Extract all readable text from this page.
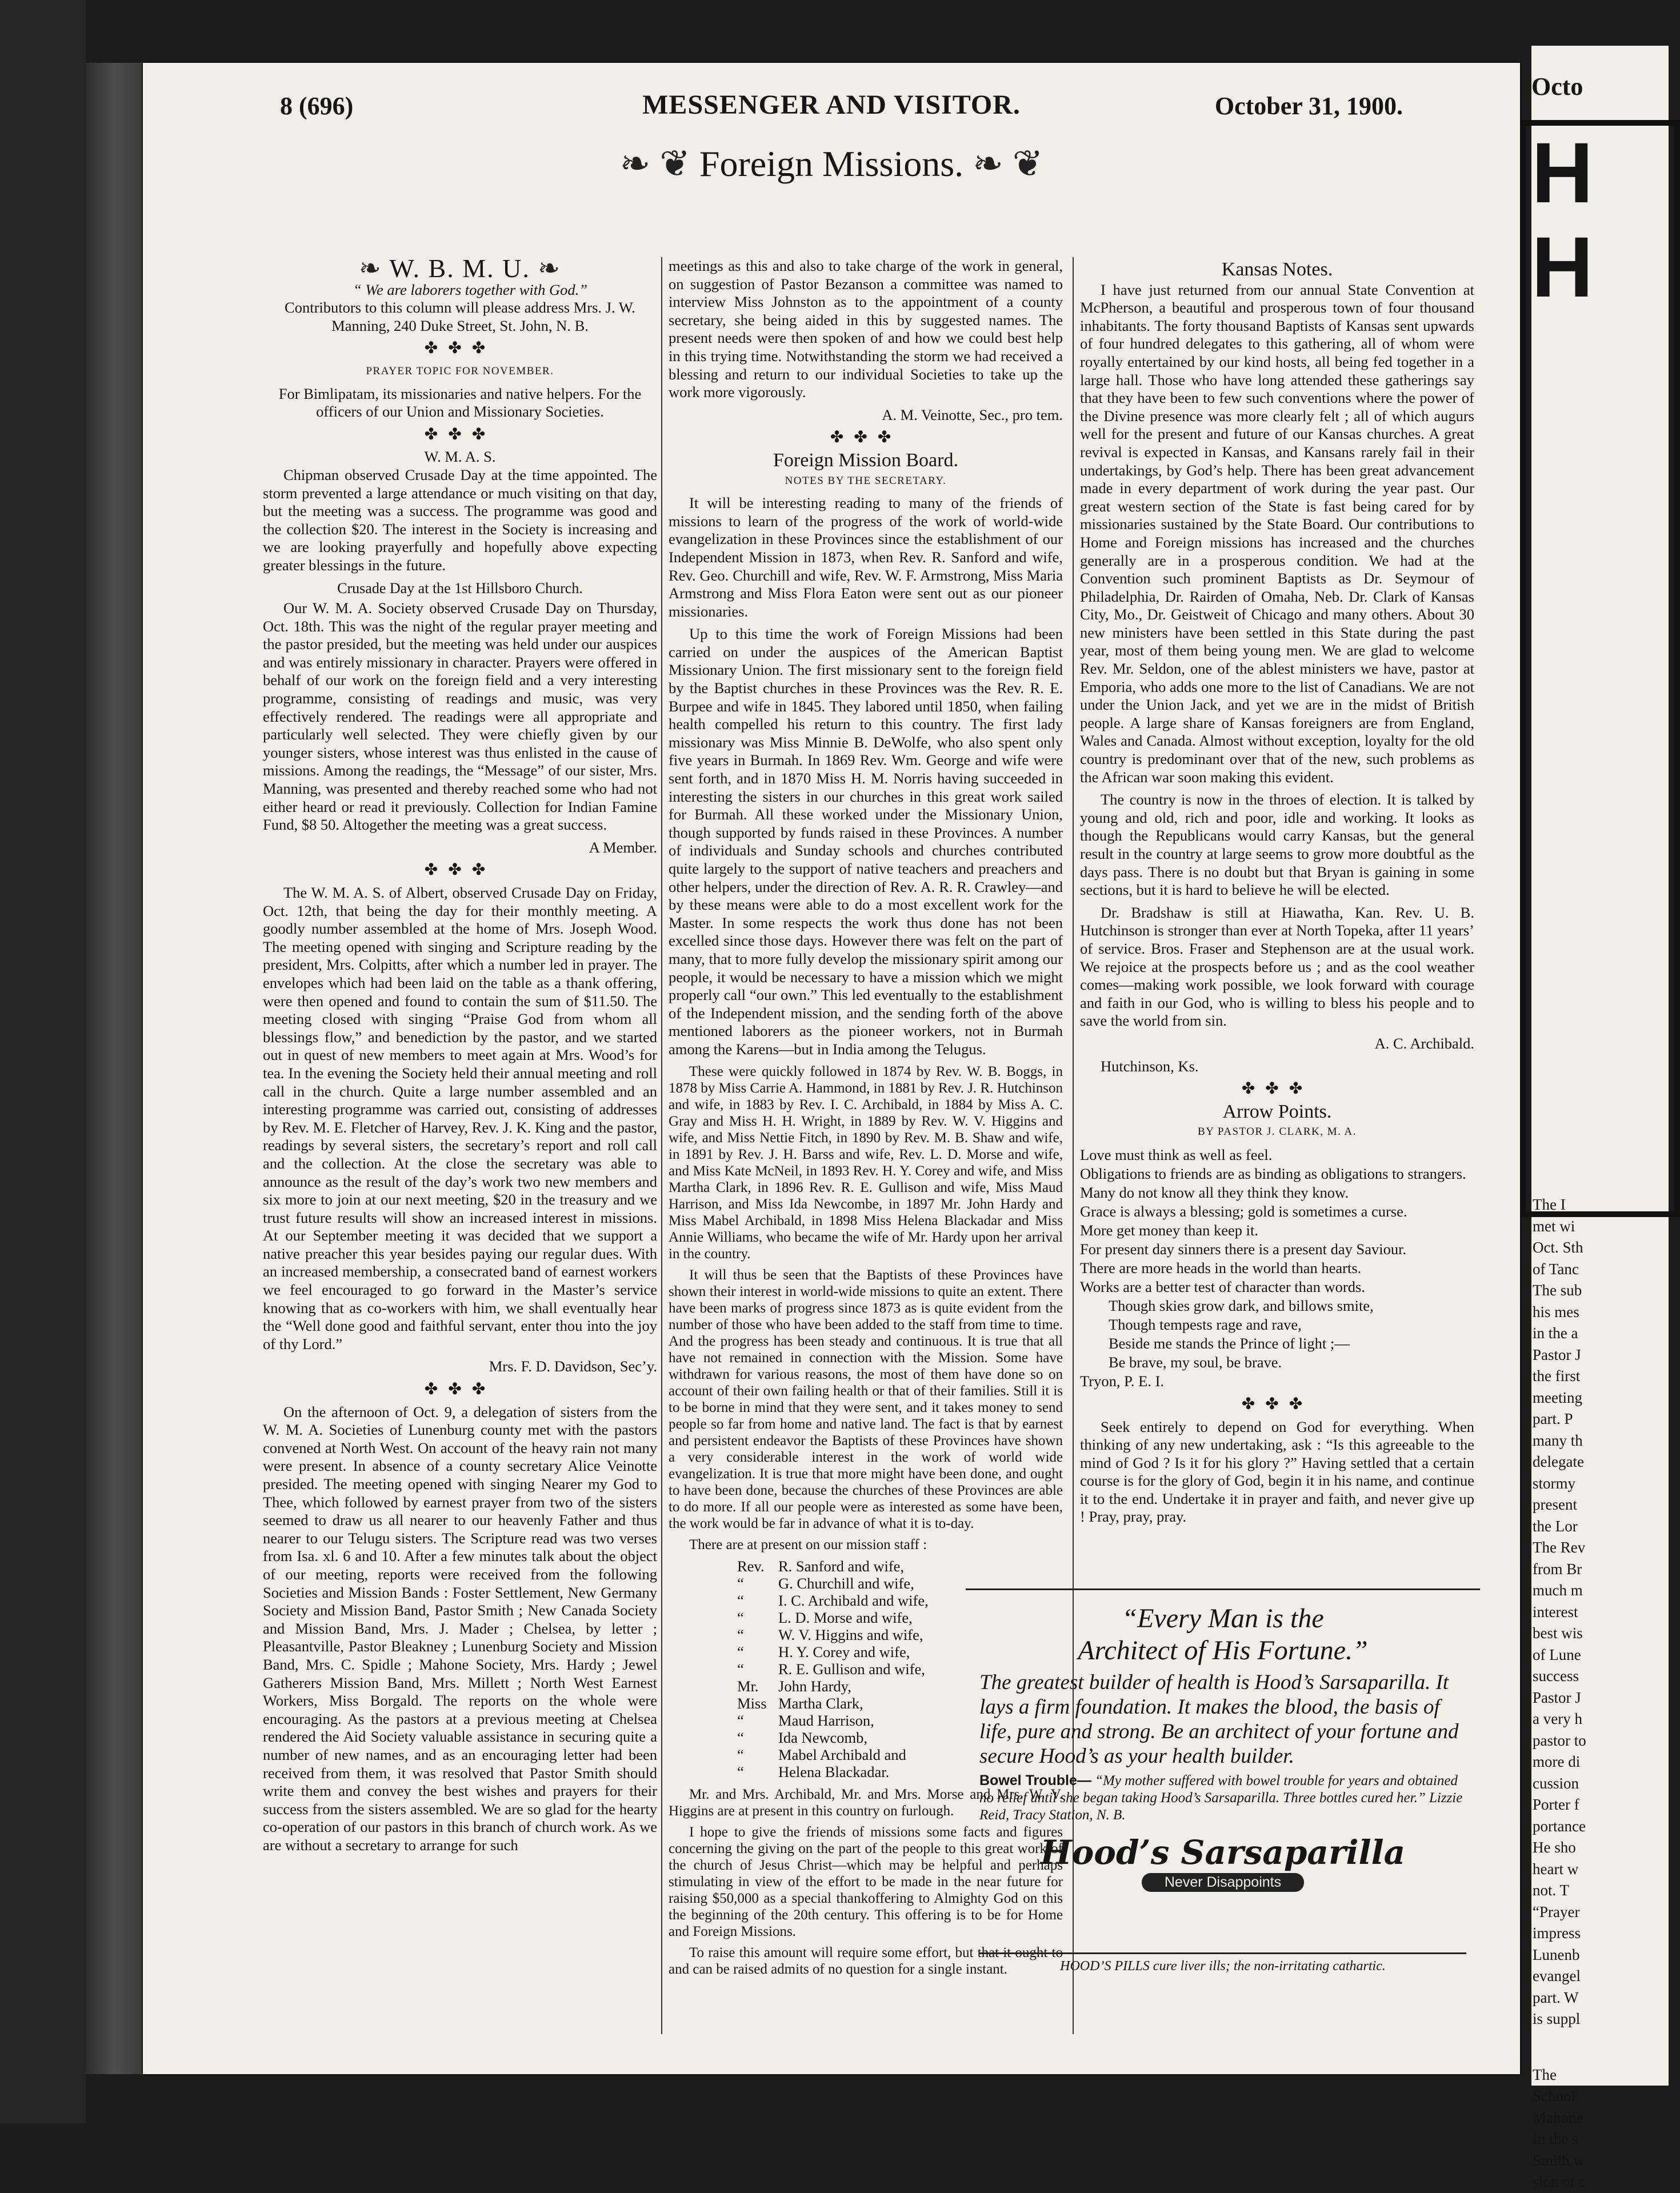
8 (696)	MESSENGER AND VISITOR.	October 31, 1900.
❧ ❦ Foreign Missions. ❧ ❦
❧ W. B. M. U. ❧

“ We are laborers together with God.”

Contributors to this column will please address Mrs. J. W. Manning, 240 Duke Street, St. John, N. B.

✤✤✤
PRAYER TOPIC FOR NOVEMBER.

For Bimlipatam, its missionaries and native helpers. For the officers of our Union and Missionary Societies.

✤✤✤
W. M. A. S.

Chipman observed Crusade Day at the time appointed. The storm prevented a large attendance or much visiting on that day, but the meeting was a success. The programme was good and the collection $20. The interest in the Society is increasing and we are looking prayerfully and hopefully above expecting greater blessings in the future.

Crusade Day at the 1st Hillsboro Church.

Our W. M. A. Society observed Crusade Day on Thursday, Oct. 18th. This was the night of the regular prayer meeting and the pastor presided, but the meeting was held under our auspices and was entirely missionary in character. Prayers were offered in behalf of our work on the foreign field and a very interesting programme, consisting of readings and music, was very effectively rendered. The readings were all appropriate and particularly well selected. They were chiefly given by our younger sisters, whose interest was thus enlisted in the cause of missions. Among the readings, the “Message” of our sister, Mrs. Manning, was presented and thereby reached some who had not either heard or read it previously. Collection for Indian Famine Fund, $8 50. Altogether the meeting was a great success.

A Member.
✤✤✤

The W. M. A. S. of Albert, observed Crusade Day on Friday, Oct. 12th, that being the day for their monthly meeting. A goodly number assembled at the home of Mrs. Joseph Wood. The meeting opened with singing and Scripture reading by the president, Mrs. Colpitts, after which a number led in prayer. The envelopes which had been laid on the table as a thank offering, were then opened and found to contain the sum of $11.50. The meeting closed with singing “Praise God from whom all blessings flow,” and benediction by the pastor, and we started out in quest of new members to meet again at Mrs. Wood’s for tea. In the evening the Society held their annual meeting and roll call in the church. Quite a large number assembled and an interesting programme was carried out, consisting of addresses by Rev. M. E. Fletcher of Harvey, Rev. J. K. King and the pastor, readings by several sisters, the secretary’s report and roll call and the collection. At the close the secretary was able to announce as the result of the day’s work two new members and six more to join at our next meeting, $20 in the treasury and we trust future results will show an increased interest in missions. At our September meeting it was decided that we support a native preacher this year besides paying our regular dues. With an increased membership, a consecrated band of earnest workers we feel encouraged to go forward in the Master’s service knowing that as co-workers with him, we shall eventually hear the “Well done good and faithful servant, enter thou into the joy of thy Lord.”

Mrs. F. D. Davidson, Sec’y.
✤✤✤

On the afternoon of Oct. 9, a delegation of sisters from the W. M. A. Societies of Lunenburg county met with the pastors convened at North West. On account of the heavy rain not many were present. In absence of a county secretary Alice Veinotte presided. The meeting opened with singing Nearer my God to Thee, which followed by earnest prayer from two of the sisters seemed to draw us all nearer to our heavenly Father and thus nearer to our Telugu sisters. The Scripture read was two verses from Isa. xl. 6 and 10. After a few minutes talk about the object of our meeting, reports were received from the following Societies and Mission Bands : Foster Settlement, New Germany Society and Mission Band, Pastor Smith ; New Canada Society and Mission Band, Mrs. J. Mader ; Chelsea, by letter ; Pleasantville, Pastor Bleakney ; Lunenburg Society and Mission Band, Mrs. C. Spidle ; Mahone Society, Mrs. Hardy ; Jewel Gatherers Mission Band, Mrs. Millett ; North West Earnest Workers, Miss Borgald. The reports on the whole were encouraging. As the pastors at a previous meeting at Chelsea rendered the Aid Society valuable assistance in securing quite a number of new names, and as an encouraging letter had been received from them, it was resolved that Pastor Smith should write them and convey the best wishes and prayers for their success from the sisters assembled. We are so glad for the hearty co-operation of our pastors in this branch of church work. As we are without a secretary to arrange for such

meetings as this and also to take charge of the work in general, on suggestion of Pastor Bezanson a committee was named to interview Miss Johnston as to the appointment of a county secretary, she being aided in this by suggested names. The present needs were then spoken of and how we could best help in this trying time. Notwithstanding the storm we had received a blessing and return to our individual Societies to take up the work more vigorously.

A. M. Veinotte, Sec., pro tem.
✤✤✤
Foreign Mission Board.
NOTES BY THE SECRETARY.

It will be interesting reading to many of the friends of missions to learn of the progress of the work of world-wide evangelization in these Provinces since the establishment of our Independent Mission in 1873, when Rev. R. Sanford and wife, Rev. Geo. Churchill and wife, Rev. W. F. Armstrong, Miss Maria Armstrong and Miss Flora Eaton were sent out as our pioneer missionaries.

Up to this time the work of Foreign Missions had been carried on under the auspices of the American Baptist Missionary Union. The first missionary sent to the foreign field by the Baptist churches in these Provinces was the Rev. R. E. Burpee and wife in 1845. They labored until 1850, when failing health compelled his return to this country. The first lady missionary was Miss Minnie B. DeWolfe, who also spent only five years in Burmah. In 1869 Rev. Wm. George and wife were sent forth, and in 1870 Miss H. M. Norris having succeeded in interesting the sisters in our churches in this great work sailed for Burmah. All these worked under the Missionary Union, though supported by funds raised in these Provinces. A number of individuals and Sunday schools and churches contributed quite largely to the support of native teachers and preachers and other helpers, under the direction of Rev. A. R. R. Crawley—and by these means were able to do a most excellent work for the Master. In some respects the work thus done has not been excelled since those days. However there was felt on the part of many, that to more fully develop the missionary spirit among our people, it would be necessary to have a mission which we might properly call “our own.” This led eventually to the establishment of the Independent mission, and the sending forth of the above mentioned laborers as the pioneer workers, not in Burmah among the Karens—but in India among the Telugus.

These were quickly followed in 1874 by Rev. W. B. Boggs, in 1878 by Miss Carrie A. Hammond, in 1881 by Rev. J. R. Hutchinson and wife, in 1883 by Rev. I. C. Archibald, in 1884 by Miss A. C. Gray and Miss H. H. Wright, in 1889 by Rev. W. V. Higgins and wife, and Miss Nettie Fitch, in 1890 by Rev. M. B. Shaw and wife, in 1891 by Rev. J. H. Barss and wife, Rev. L. D. Morse and wife, and Miss Kate McNeil, in 1893 Rev. H. Y. Corey and wife, and Miss Martha Clark, in 1896 Rev. R. E. Gullison and wife, Miss Maud Harrison, and Miss Ida Newcombe, in 1897 Mr. John Hardy and Miss Mabel Archibald, in 1898 Miss Helena Blackadar and Miss Annie Williams, who became the wife of Mr. Hardy upon her arrival in the country.

It will thus be seen that the Baptists of these Provinces have shown their interest in world-wide missions to quite an extent. There have been marks of progress since 1873 as is quite evident from the number of those who have been added to the staff from time to time. And the progress has been steady and continuous. It is true that all have not remained in connection with the Mission. Some have withdrawn for various reasons, the most of them have done so on account of their own failing health or that of their families. Still it is to be borne in mind that they were sent, and it takes money to send people so far from home and native land. The fact is that by earnest and persistent endeavor the Baptists of these Provinces have shown a very considerable interest in the work of world wide evangelization. It is true that more might have been done, and ought to have been done, because the churches of these Provinces are able to do more. If all our people were as interested as some have been, the work would be far in advance of what it is to-day.

There are at present on our mission staff :

Rev. R. Sanford and wife,
“ G. Churchill and wife,
“ I. C. Archibald and wife,
“ L. D. Morse and wife,
“ W. V. Higgins and wife,
“ H. Y. Corey and wife,
“ R. E. Gullison and wife,
Mr. John Hardy,
Miss Martha Clark,
“ Maud Harrison,
“ Ida Newcomb,
“ Mabel Archibald and
“ Helena Blackadar.

Mr. and Mrs. Archibald, Mr. and Mrs. Morse and Mrs. W. V. Higgins are at present in this country on furlough.

I hope to give the friends of missions some facts and figures concerning the giving on the part of the people to this great work of the church of Jesus Christ—which may be helpful and perhaps stimulating in view of the effort to be made in the near future for raising $50,000 as a special thankoffering to Almighty God on this the beginning of the 20th century. This offering is to be for Home and Foreign Missions.

To raise this amount will require some effort, but that it ought to and can be raised admits of no question for a single instant.

Kansas Notes.

I have just returned from our annual State Convention at McPherson, a beautiful and prosperous town of four thousand inhabitants. The forty thousand Baptists of Kansas sent upwards of four hundred delegates to this gathering, all of whom were royally entertained by our kind hosts, all being fed together in a large hall. Those who have long attended these gatherings say that they have been to few such conventions where the power of the Divine presence was more clearly felt ; all of which augurs well for the present and future of our Kansas churches. A great revival is expected in Kansas, and Kansans rarely fail in their undertakings, by God’s help. There has been great advancement made in every department of work during the year past. Our great western section of the State is fast being cared for by missionaries sustained by the State Board. Our contributions to Home and Foreign missions has increased and the churches generally are in a prosperous condition. We had at the Convention such prominent Baptists as Dr. Seymour of Philadelphia, Dr. Rairden of Omaha, Neb. Dr. Clark of Kansas City, Mo., Dr. Geistweit of Chicago and many others. About 30 new ministers have been settled in this State during the past year, most of them being young men. We are glad to welcome Rev. Mr. Seldon, one of the ablest ministers we have, pastor at Emporia, who adds one more to the list of Canadians. We are not under the Union Jack, and yet we are in the midst of British people. A large share of Kansas foreigners are from England, Wales and Canada. Almost without exception, loyalty for the old country is predominant over that of the new, such problems as the African war soon making this evident.

The country is now in the throes of election. It is talked by young and old, rich and poor, idle and working. It looks as though the Republicans would carry Kansas, but the general result in the country at large seems to grow more doubtful as the days pass. There is no doubt but that Bryan is gaining in some sections, but it is hard to believe he will be elected.

Dr. Bradshaw is still at Hiawatha, Kan. Rev. U. B. Hutchinson is stronger than ever at North Topeka, after 11 years’ of service. Bros. Fraser and Stephenson are at the usual work. We rejoice at the prospects before us ; and as the cool weather comes—making work possible, we look forward with courage and faith in our God, who is willing to bless his people and to save the world from sin.

A. C. Archibald.

Hutchinson, Ks.

✤✤✤
Arrow Points.
BY PASTOR J. CLARK, M. A.
Love must think as well as feel.
Obligations to friends are as binding as obligations to strangers.
Many do not know all they think they know.
Grace is always a blessing; gold is sometimes a curse.
More get money than keep it.
For present day sinners there is a present day Saviour.
There are more heads in the world than hearts.
Works are a better test of character than words.
Though skies grow dark, and billows smite,
Though tempests rage and rave,
Beside me stands the Prince of light ;—
Be brave, my soul, be brave.
Tryon, P. E. I.
✤✤✤

Seek entirely to depend on God for everything. When thinking of any new undertaking, ask : “Is this agreeable to the mind of God ? Is it for his glory ?” Having settled that a certain course is for the glory of God, begin it in his name, and continue it to the end. Undertake it in prayer and faith, and never give up ! Pray, pray, pray.

“Every Man is the
Architect of His Fortune.”
The greatest builder of health is Hood’s Sarsaparilla. It lays a firm foundation. It makes the blood, the basis of life, pure and strong. Be an architect of your fortune and secure Hood’s as your health builder.
Bowel Trouble— “My mother suffered with bowel trouble for years and obtained no relief until she began taking Hood’s Sarsaparilla. Three bottles cured her.” Lizzie Reid, Tracy Station, N. B.
Hood’s Sarsaparilla
Never Disappoints
HOOD’S PILLS cure liver ills; the non-irritating cathartic.
Octo
H
H
The I
met wi
Oct. Sth
of Tanc
The sub
his mes
in the a
Pastor J
the first
meeting
part. P
many th
delegate
stormy
present
the Lor
The Rev
from Br
much m
interest
best wis
of Lune
success
Pastor J
a very h
pastor to
more di
cussion
Porter f
portance
He sho
heart w
not. T
“Prayer
impress
Lunenb
evangel
part. W
is suppl
The
School
Mahone
In the s
Smith w
sion of c
